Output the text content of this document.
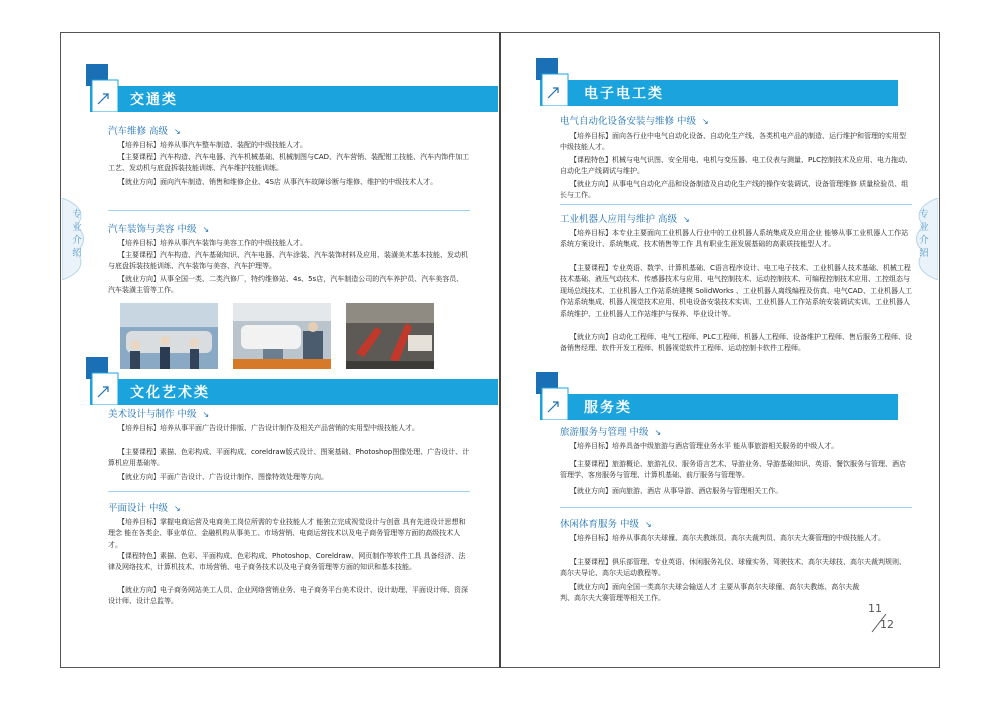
交通类
汽车维修 高级 ↘
【培养目标】培养从事汽车整车制造、装配的中级技能人才。
【主要课程】汽车构造、汽车电器、汽车机械基础、机械制图与CAD、汽车营销、装配钳工技能、汽车内饰件加工工艺、发动机与底盘拆装技能训练、汽车维护技能训练。
【就业方向】面向汽车制造、销售和维修企业、4S店 从事汽车故障诊断与维修、维护的中级技术人才。
汽车装饰与美容 中级 ↘
【培养目标】培养从事汽车装饰与美容工作的中级技能人才。
【主要课程】汽车构造、汽车基础知识、汽车电器、汽车涂装、汽车装饰材料及应用、装潢美术基本技能、发动机与底盘拆装技能训练、汽车装饰与美容、汽车护理等。
【就业方向】从事全国一类、二类汽修厂，特约维修站、4s、5s店，汽车制造公司的汽车养护员、汽车美容员、汽车装潢主管等工作。
文化艺术类
美术设计与制作 中级 ↘
【培养目标】培养从事平面广告设计排版、广告设计制作及相关产品营销的实用型中级技能人才。
【主要课程】素描、色彩构成、平面构成、coreldraw版式设计、图案基础、Photoshop图像处理、广告设计、计算机应用基础等。
【就业方向】平面广告设计、广告设计制作、图像特效处理等方向。
平面设计 中级 ↘
【培养目标】掌握电商运营及电商美工岗位所需的专业技能人才 能独立完成视觉设计与创意 具有先进设计思想和理念 能在各类企、事业单位、金融机构从事美工、市场营销、电商运营技术以及电子商务管理等方面的高级技术人才。
【课程特色】素描、色彩、平面构成、色彩构成、Photoshop、Coreldraw、网页制作等软件工具 具备经济、法律及网络技术，计算机技术、市场营销、电子商务技术以及电子商务管理等方面的知识和基本技能。
【就业方向】电子商务网站美工人员、企业网络营销业务、电子商务平台美术设计、设计助理、平面设计师、资深设计师、设计总监等。
专业介绍
电子电工类
电气自动化设备安装与维修 中级 ↘
【培养目标】面向各行业中电气自动化设备、自动化生产线、各类机电产品的制造、运行维护和管理的实用型中级技能人才。
【课程特色】机械与电气识图、安全用电、电机与变压器、电工仪表与测量、PLC控制技术及应用、电力拖动、自动化生产线调试与维护。
【就业方向】从事电气自动化产品和设备制造及自动化生产线的操作安装调试、设备管理维修 质量检验员、组长与工作。
工业机器人应用与维护 高级 ↘
【培养目标】本专业主要面向工业机器人行业中的工业机器人系统集成及应用企业 能够从事工业机器人工作站系统方案设计、系统集成、技术销售等工作 具有职业生涯发展基础的高素质技能型人才。
【主要课程】专业英语、数学、计算机基础、C语言程序设计、电工电子技术、工业机器人技术基础、机械工程技术基础、液压气动技术、传感器技术与应用、电气控制技术、运动控制技术、可编程控制技术应用、工控组态与现场总线技术、工业机器人工作站系统建模 SolidWorks 、工业机器人离线编程及仿真、电气CAD、工业机器人工作站系统集成、机器人视觉技术应用、机电设备安装技术实训、工业机器人工作站系统安装调试实训、工业机器人系统维护、工业机器人工作站维护与保养、毕业设计等。
【就业方向】自动化工程师、电气工程师、PLC工程师、机器人工程师、设备维护工程师、售后服务工程师、设备销售经理、软件开发工程师、机器视觉软件工程师、运动控制卡软件工程师。
服务类
旅游服务与管理 中级 ↘
【培养目标】培养具备中级旅游与酒店管理业务水平 能从事旅游相关服务的中级人才。
【主要课程】旅游概论、旅游礼仪、服务语言艺术、导游业务、导游基础知识、英语、餐饮服务与管理、酒店管理学、客房服务与管理、计算机基础、前厅服务与管理等。
【就业方向】面向旅游、酒店 从事导游、酒店服务与管理相关工作。
休闲体育服务 中级 ↘
【培养目标】培养从事高尔夫球僮、高尔夫教练员、高尔夫裁判员、高尔夫大赛管理的中级技能人才。
【主要课程】俱乐部管理、专业英语、休闲服务礼仪、球僮实务、驾驶技术、高尔夫球技、高尔夫裁判规则、高尔夫导论、高尔夫运动教程等。
【就业方向】面向全国一类高尔夫球会输送人才 主要从事高尔夫球僮、高尔夫教练、高尔夫裁判、高尔夫大赛管理等相关工作。
专业介绍
11
12
